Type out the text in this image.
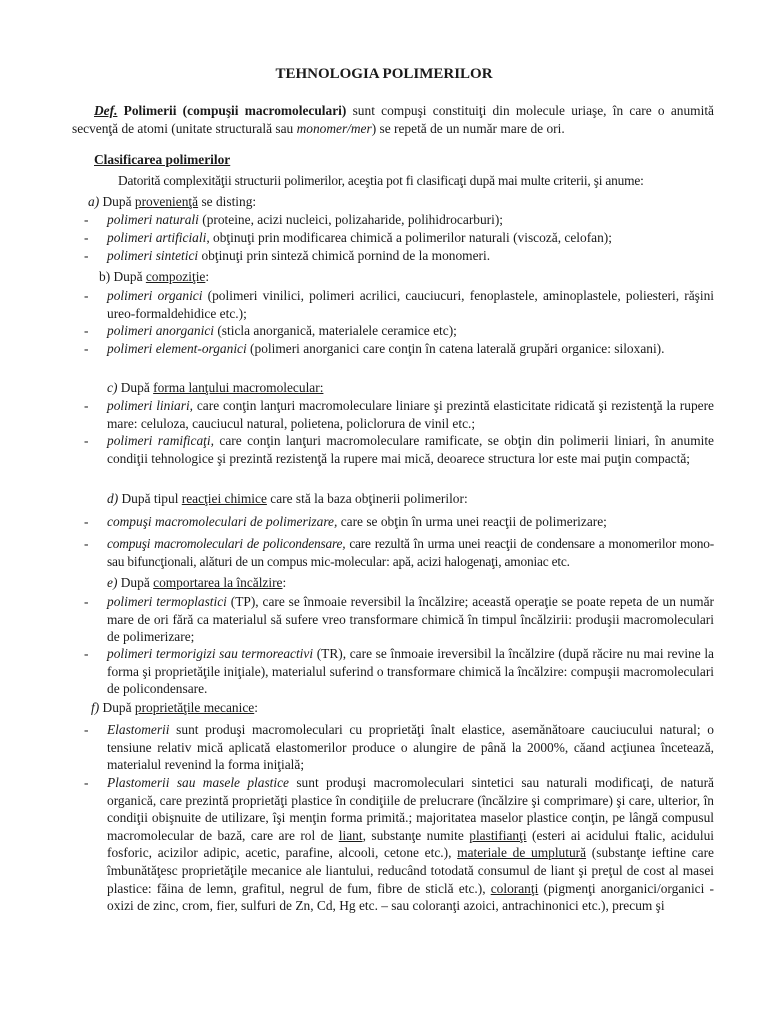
TEHNOLOGIA POLIMERILOR
Def. Polimerii (compuşii macromoleculari) sunt compuşi constituiţi din molecule uriaşe, în care o anumită secvenţă de atomi (unitate structurală sau monomer/mer) se repetă de un număr mare de ori.
Clasificarea polimerilor
Datorită complexităţii structurii polimerilor, aceştia pot fi clasificaţi după mai multe criterii, şi anume:
a) După provenienţă se disting:
- polimeri naturali (proteine, acizi nucleici, polizaharide, polihidrocarburi);
- polimeri artificiali, obţinuţi prin modificarea chimică a polimerilor naturali (viscoză, celofan);
- polimeri sintetici obţinuţi prin sinteză chimică pornind de la monomeri.
b) După compoziţie:
- polimeri organici (polimeri vinilici, polimeri acrilici, cauciucuri, fenoplastele, aminoplastele, poliesteri, răşini ureo-formaldehidice etc.);
- polimeri anorganici (sticla anorganică, materialele ceramice etc);
- polimeri element-organici (polimeri anorganici care conţin în catena laterală grupări organice: siloxani).
c) După forma lanţului macromolecular:
- polimeri liniari, care conţin lanţuri macromoleculare liniare şi prezintă elasticitate ridicată şi rezistenţă la rupere mare: celuloza, cauciucul natural, polietena, policlorura de vinil etc.;
- polimeri ramificaţi, care conţin lanţuri macromoleculare ramificate, se obţin din polimerii liniari, în anumite condiţii tehnologice şi prezintă rezistenţă la rupere mai mică, deoarece structura lor este mai puţin compactă;
d) După tipul reacţiei chimice care stă la baza obţinerii polimerilor:
- compuşi macromoleculari de polimerizare, care se obţin în urma unei reacţii de polimerizare;
- compuşi macromoleculari de policondensare, care rezultă în urma unei reacţii de condensare a monomerilor mono- sau bifuncţionali, alături de un compus mic-molecular: apă, acizi halogenaţi, amoniac etc.
e) După comportarea la încălzire:
- polimeri termoplastici (TP), care se înmoaie reversibil la încălzire; această operaţie se poate repeta de un număr mare de ori fără ca materialul să sufere vreo transformare chimică în timpul încălzirii: produşii macromoleculari de polimerizare;
- polimeri termorigizi sau termoreactivi (TR), care se înmoaie ireversibil la încălzire (după răcire nu mai revine la forma şi proprietăţile iniţiale), materialul suferind o transformare chimică la încălzire: compuşii macromoleculari de policondensare.
f) După proprietăţile mecanice:
- Elastomerii sunt produşi macromoleculari cu proprietăţi înalt elastice, asemănătoare cauciucului natural; o tensiune relativ mică aplicată elastomerilor produce o alungire de până la 2000%, căand acţiunea încetează, materialul revenind la forma iniţială;
- Plastomerii sau masele plastice sunt produşi macromoleculari sintetici sau naturali modificaţi, de natură organică, care prezintă proprietăţi plastice în condiţiile de prelucrare (încălzire şi comprimare) şi care, ulterior, în condiţii obişnuite de utilizare, îşi menţin forma primită.; majoritatea maselor plastice conţin, pe lângă compusul macromolecular de bază, care are rol de liant, substanţe numite plastifianţi (esteri ai acidului ftalic, acidului fosforic, acizilor adipic, acetic, parafine, alcooli, cetone etc.), materiale de umplutură (substanţe ieftine care îmbunătăţesc proprietăţile mecanice ale liantului, reducând totodată consumul de liant şi preţul de cost al masei plastice: făina de lemn, grafitul, negrul de fum, fibre de sticlă etc.), coloranţi (pigmenţi anorganici/organici - oxizi de zinc, crom, fier, sulfuri de Zn, Cd, Hg etc. – sau coloranţi azoici, antrachinonici etc.), precum şi
